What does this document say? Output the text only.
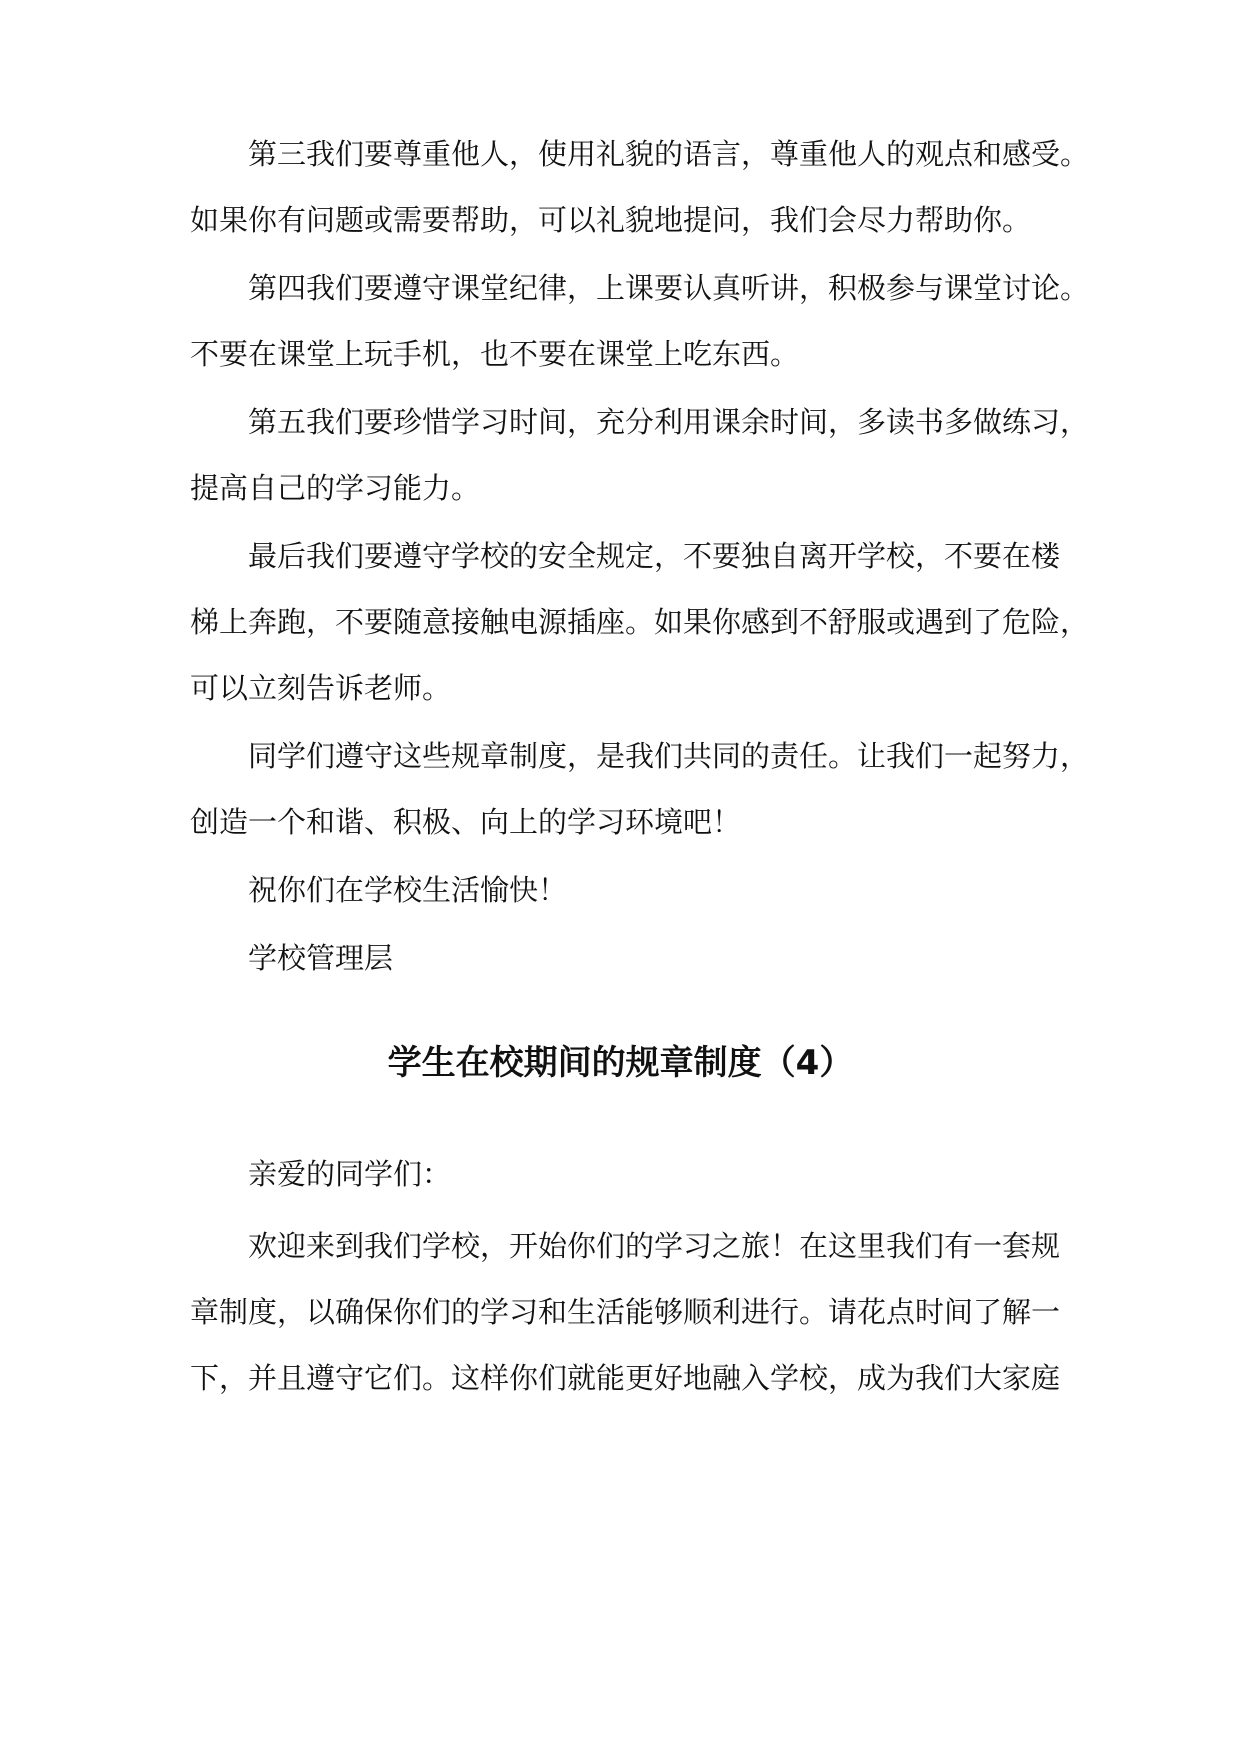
第三我们要尊重他人，使用礼貌的语言，尊重他人的观点和感受。
如果你有问题或需要帮助，可以礼貌地提问，我们会尽力帮助你。
第四我们要遵守课堂纪律，上课要认真听讲，积极参与课堂讨论。
不要在课堂上玩手机，也不要在课堂上吃东西。
第五我们要珍惜学习时间，充分利用课余时间，多读书多做练习，
提高自己的学习能力。
最后我们要遵守学校的安全规定，不要独自离开学校，不要在楼
梯上奔跑，不要随意接触电源插座。如果你感到不舒服或遇到了危险，
可以立刻告诉老师。
同学们遵守这些规章制度，是我们共同的责任。让我们一起努力，
创造一个和谐、积极、向上的学习环境吧！
祝你们在学校生活愉快！
学校管理层
学生在校期间的规章制度（4）
亲爱的同学们：
欢迎来到我们学校，开始你们的学习之旅！在这里我们有一套规
章制度，以确保你们的学习和生活能够顺利进行。请花点时间了解一
下，并且遵守它们。这样你们就能更好地融入学校，成为我们大家庭
